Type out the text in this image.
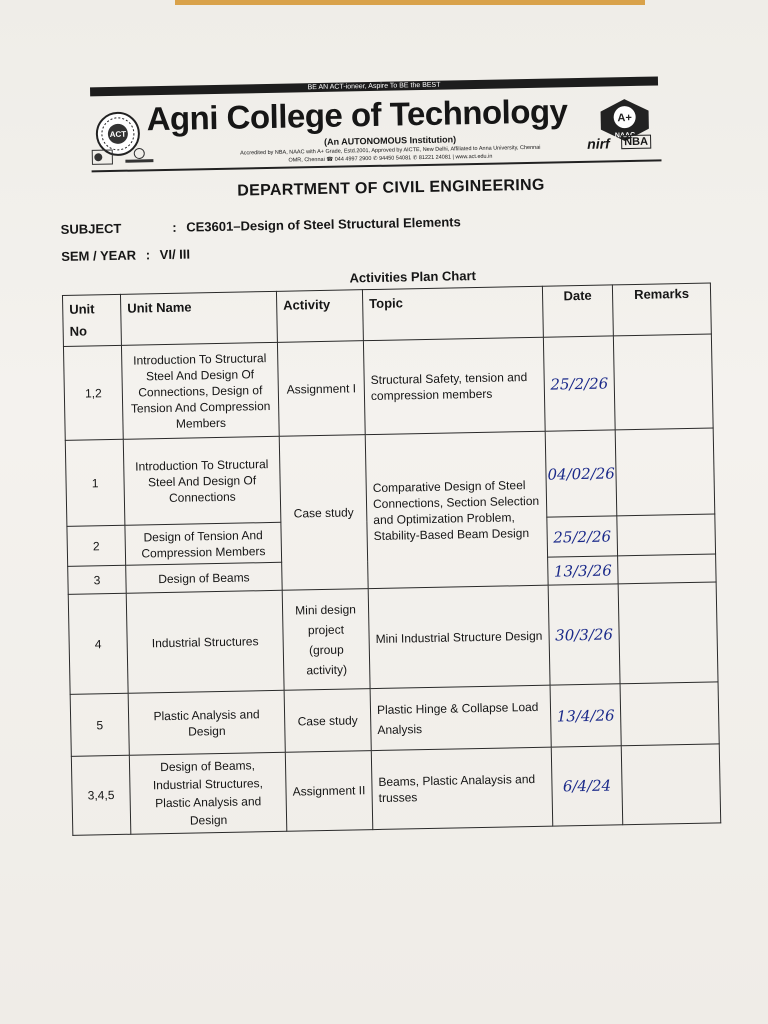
BE AN ACT-ioneer, Aspire To BE the BEST
ACT Agni College of Technology	A+
NAAC
(An AUTONOMOUS Institution)
Accredited by NBA, NAAC with A+ Grade, Estd.2001, Approved by AICTE, New Delhi, Affiliated to Anna University, Chennai
OMR, Chennai ☎ 044 4997 2900 ✆ 94450 54081 ✆ 81221 24081 | www.act.edu.in
nirf NBA
DEPARTMENT OF CIVIL ENGINEERING
SUBJECT	: CE3601–Design of Steel Structural Elements
SEM / YEAR : VI/ III
Activities Plan Chart
Unit No	Unit Name	Activity	Topic	Date	Remarks
1,2	Introduction To Structural Steel And Design Of Connections, Design of Tension And Compression Members	Assignment I	Structural Safety, tension and compression members	25/2/26	
1	Introduction To Structural Steel And Design Of Connections	Case study	Comparative Design of Steel Connections, Section Selection and Optimization Problem, Stability-Based Beam Design	04/02/26	
2	Design of Tension And Compression Members			25/2/26	
3	Design of Beams			13/3/26	
4	Industrial Structures	Mini design project (group activity)	Mini Industrial Structure Design	30/3/26	
5	Plastic Analysis and Design	Case study	Plastic Hinge & Collapse Load Analysis	13/4/26	
3,4,5	Design of Beams, Industrial Structures, Plastic Analysis and Design	Assignment II	Beams, Plastic Analaysis and trusses	6/4/24	
